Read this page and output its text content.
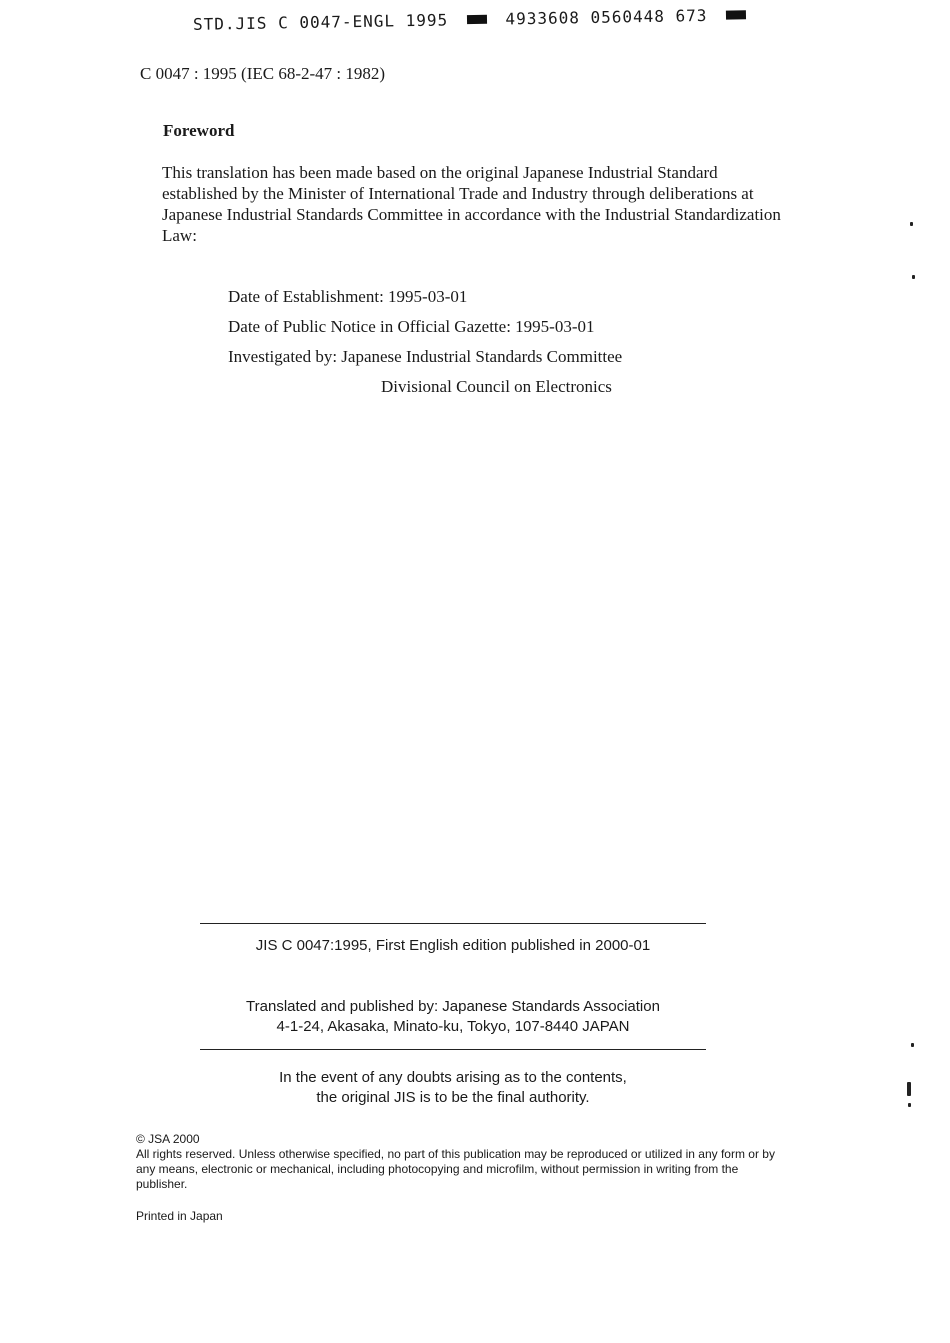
STD.JIS C 0047-ENGL 1995	4933608 0560448 673
C 0047 : 1995 (IEC 68-2-47 : 1982)
Foreword
This translation has been made based on the original Japanese Industrial Standard established by the Minister of International Trade and Industry through deliberations at Japanese Industrial Standards Committee in accordance with the Industrial Standardization Law:
Date of Establishment: 1995-03-01
Date of Public Notice in Official Gazette: 1995-03-01
Investigated by: Japanese Industrial Standards Committee
Divisional Council on Electronics
JIS C 0047:1995, First English edition published in 2000-01
Translated and published by: Japanese Standards Association
4-1-24, Akasaka, Minato-ku, Tokyo, 107-8440 JAPAN
In the event of any doubts arising as to the contents,
the original JIS is to be the final authority.
© JSA 2000
All rights reserved. Unless otherwise specified, no part of this publication may be reproduced or utilized in any form or by any means, electronic or mechanical, including photocopying and microfilm, without permission in writing from the publisher.
Printed in Japan
